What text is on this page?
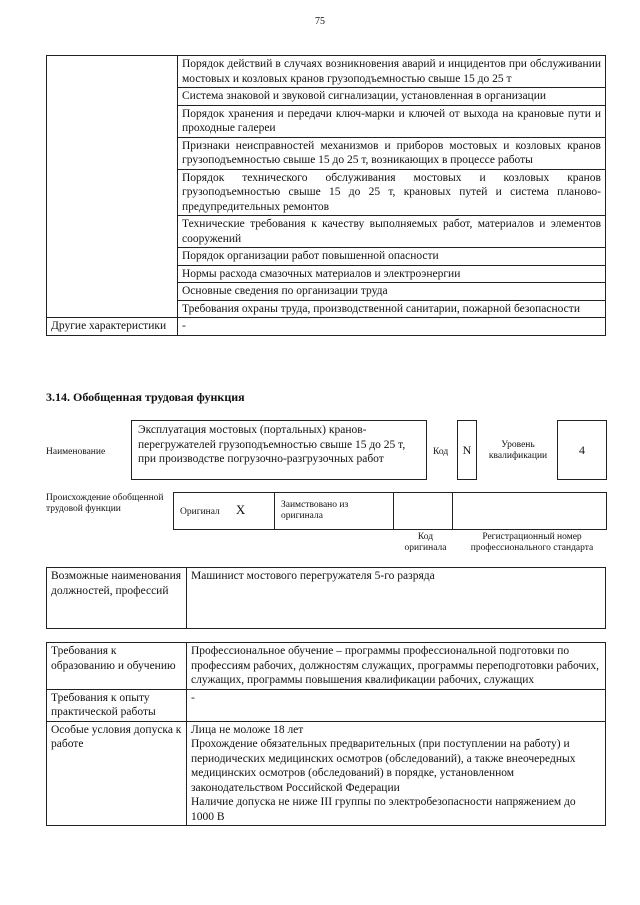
75
	Порядок действий в случаях возникновения аварий и инцидентов при обслуживании мостовых и козловых кранов грузоподъемностью свыше 15 до 25 т
	Система знаковой и звуковой сигнализации, установленная в организации
	Порядок хранения и передачи ключ-марки и ключей от выхода на крановые пути и проходные галереи
	Признаки неисправностей механизмов и приборов мостовых и козловых кранов грузоподъемностью свыше 15 до 25 т, возникающих в процессе работы
	Порядок технического обслуживания мостовых и козловых кранов грузоподъемностью свыше 15 до 25 т, крановых путей и система планово-предупредительных ремонтов
	Технические требования к качеству выполняемых работ, материалов и элементов сооружений
	Порядок организации работ повышенной опасности
	Нормы расхода смазочных материалов и электроэнергии
	Основные сведения по организации труда
	Требования охраны труда, производственной санитарии, пожарной безопасности
Другие характеристики	-
3.14. Обобщенная трудовая функция
Наименование
Эксплуатация мостовых (портальных) кранов-перегружателей грузоподъемностью свыше 15 до 25 т, при производстве погрузочно-разгрузочных работ
Код	N	Уровень квалификации	4
Происхождение обобщенной трудовой функции	Оригинал X	Заимствовано из оригинала		
Код оригинала
Регистрационный номер профессионального стандарта
Возможные наименования должностей, профессий	Машинист мостового перегружателя 5-го разряда
Требования к образованию и обучению	Профессиональное обучение – программы профессиональной подготовки по профессиям рабочих, должностям служащих, программы переподготовки рабочих, служащих, программы повышения квалификации рабочих, служащих
Требования к опыту практической работы	-
Особые условия допуска к работе	Лица не моложе 18 лет
Прохождение обязательных предварительных (при поступлении на работу) и периодических медицинских осмотров (обследований), а также внеочередных медицинских осмотров (обследований) в порядке, установленном законодательством Российской Федерации
Наличие допуска не ниже III группы по электробезопасности напряжением до 1000 В
